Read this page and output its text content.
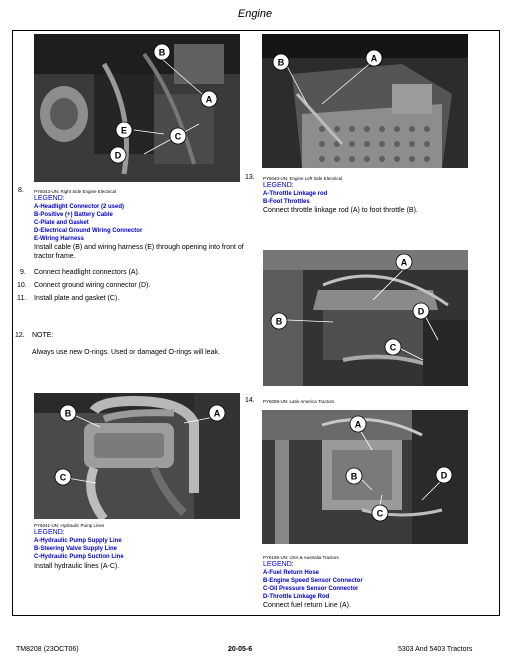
Engine
A
B
C
D
E
8. PY5043-UN: Right Side Engine Electrical
LEGEND:
A-Headlight Connector (2 used)
B-Positive (+) Battery Cable
C-Plate and Gasket
D-Electrical Ground Wiring Connector
E-Wiring Harness
Install cable (B) and wiring harness (E) through opening into front of tractor frame.
9. Connect headlight connectors (A).
10. Connect ground wiring connector (D).
11. Install plate and gasket (C).
12. NOTE:
Always use new O-rings. Used or damaged O-rings will leak.
A
B
C
PY5041-UN: Hydraulic Pump Lines
LEGEND:
A-Hydraulic Pump Supply Line
B-Steering Valve Supply Line
C-Hydraulic Pump Suction Line
Install hydraulic lines (A-C).
A
B
13. PY5040-UN: Engine Left Side Electrical
LEGEND:
A-Throttle Linkage rod
B-Foot Throttles
Connect throttle linkage rod (A) to foot throttle (B).
A
B
C
D
14. PY5089-UN: Latin America Tractors
A
B
C
D
PY6185-UN: USA & Australia Tractors
LEGEND:
A-Fuel Return Hose
B-Engine Speed Sensor Connector
C-Oil Pressure Sensor Connector
D-Throttle Linkage Rod
Connect fuel return Line (A).
TM8208 (23OCT06)	20-05-6	5303 And 5403 Tractors
